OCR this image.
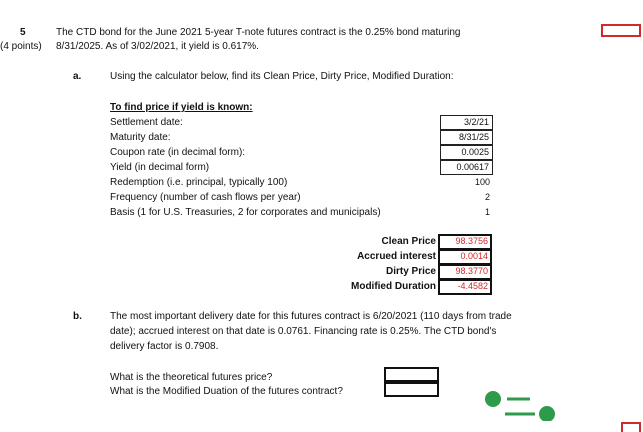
5
(4 points)
The CTD bond for the June 2021 5-year T-note futures contract is the 0.25% bond maturing
8/31/2025. As of 3/02/2021, it yield is 0.617%.
a.	Using the calculator below, find its Clean Price, Dirty Price, Modified Duration:
To find price if yield is known:
Settlement date:
Maturity date:
Coupon rate (in decimal form):
Yield (in decimal form)
Redemption (i.e. principal, typically 100)
Frequency (number of cash flows per year)
Basis (1 for U.S. Treasuries, 2 for corporates and municipals)
3/2/21
8/31/25
0.0025
0.00617
100
2
1
Clean Price
Accrued interest
Dirty Price
Modified Duration
98.3756
0.0014
98.3770
-4.4582
b.	The most important delivery date for this futures contract is 6/20/2021 (110 days from trade
date); accrued interest on that date is 0.0761. Financing rate is 0.25%. The CTD bond's
delivery factor is 0.7908.
What is the theoretical futures price?
What is the Modified Duation of the futures contract?
